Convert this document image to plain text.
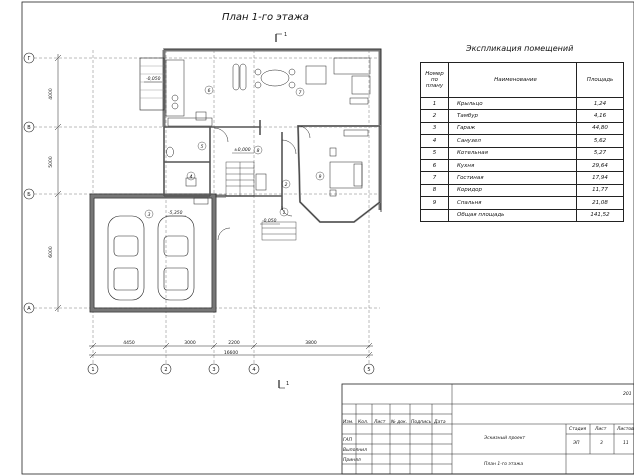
План 1-го этажа
1
1
Г
В
Б
А
1	2	3	4	5
4000
5000
6000
4450	3000	2200	3800
16600
6	7
3
4
5
8
9
1
2
-0,050
-5,350
±0,000
-0,050
Экспликация помещений
Номер по плану	Наименование	Площадь
1	Крыльцо	1,24
2	Тамбур	4,16
3	Гараж	44,80
4	Санузел	5,62
5	Котельная	5,27
6	Кухня	29,64
7	Гостиная	17,94
8	Коридор	11,77
9	Спальня	21,08
	Общая площадь	141,52
201
Изм. Кол. Лист № док. Подпись Дата
ГАП
Выполнил
Принял
Эскизный проект
Стадия Лист Листов
ЭП	3	11
План 1-го этажа
